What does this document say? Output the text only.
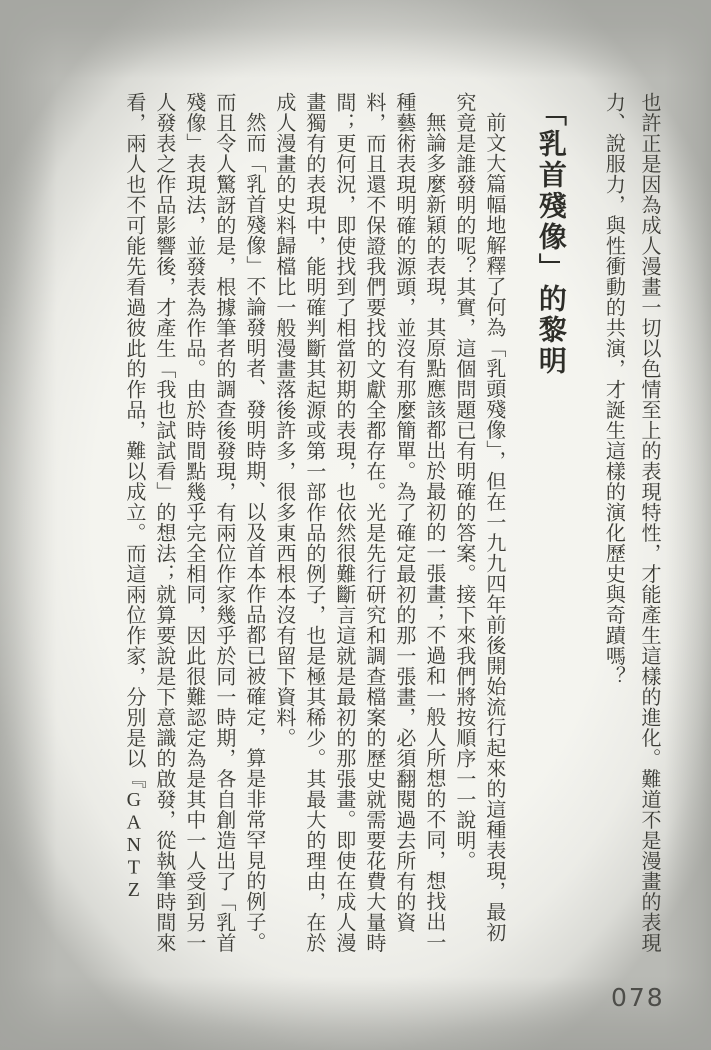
也許正是因為成人漫畫一切以色情至上的表現特性，才能產生這樣的進化。難道不是漫畫的表現力、說服力，與性衝動的共演，才誕生這樣的演化歷史與奇蹟嗎？

「乳首殘像」的黎明

前文大篇幅地解釋了何為「乳頭殘像」，但在一九九四年前後開始流行起來的這種表現，最初究竟是誰發明的呢？其實，這個問題已有明確的答案。接下來我們將按順序一一說明。

無論多麼新穎的表現，其原點應該都出於最初的一張畫；不過和一般人所想的不同，想找出一種藝術表現明確的源頭，並沒有那麼簡單。為了確定最初的那一張畫，必須翻閱過去所有的資料，而且還不保證我們要找的文獻全都存在。光是先行研究和調查檔案的歷史就需要花費大量時間；更何況，即使找到了相當初期的表現，也依然很難斷言這就是最初的那張畫。即使在成人漫畫獨有的表現中，能明確判斷其起源或第一部作品的例子，也是極其稀少。其最大的理由，在於成人漫畫的史料歸檔比一般漫畫落後許多，很多東西根本沒有留下資料。

然而「乳首殘像」不論發明者、發明時期、以及首本作品都已被確定，算是非常罕見的例子。而且令人驚訝的是，根據筆者的調查後發現，有兩位作家幾乎於同一時期，各自創造出了「乳首殘像」表現法，並發表為作品。由於時間點幾乎完全相同，因此很難認定為是其中一人受到另一人發表之作品影響後，才產生「我也試試看」的想法；就算要說是下意識的啟發，從執筆時間來看，兩人也不可能先看過彼此的作品，難以成立。而這兩位作家，分別是以『GANTZ

078
